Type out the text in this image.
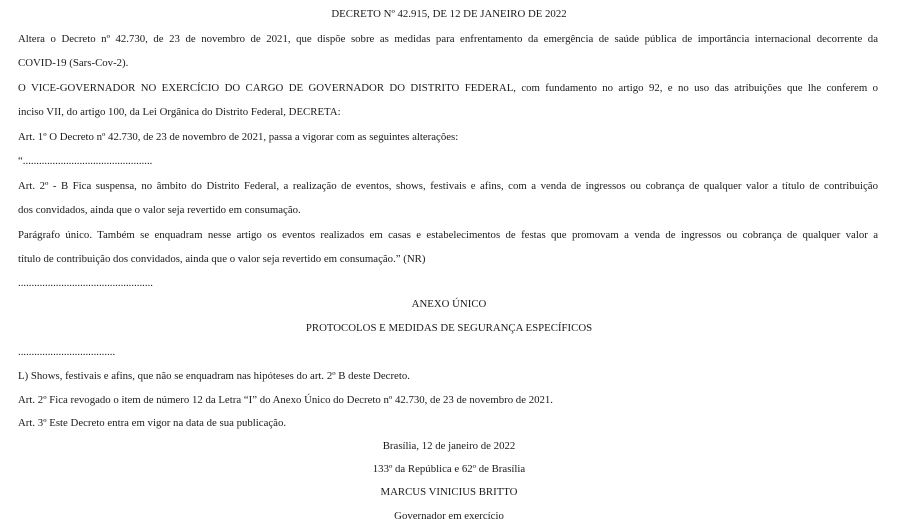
DECRETO Nº 42.915, DE 12 DE JANEIRO DE 2022
Altera o Decreto nº 42.730, de 23 de novembro de 2021, que dispõe sobre as medidas para enfrentamento da emergência de saúde pública de importância internacional decorrente da
COVID-19 (Sars-Cov-2).
O VICE-GOVERNADOR NO EXERCÍCIO DO CARGO DE GOVERNADOR DO DISTRITO FEDERAL, com fundamento no artigo 92, e no uso das atribuições que lhe conferem o
inciso VII, do artigo 100, da Lei Orgânica do Distrito Federal, DECRETA:
Art. 1º O Decreto nº 42.730, de 23 de novembro de 2021, passa a vigorar com as seguintes alterações:
“................................................
Art. 2º - B Fica suspensa, no âmbito do Distrito Federal, a realização de eventos, shows, festivais e afins, com a venda de ingressos ou cobrança de qualquer valor a título de contribuição
dos convidados, ainda que o valor seja revertido em consumação.
Parágrafo único. Também se enquadram nesse artigo os eventos realizados em casas e estabelecimentos de festas que promovam a venda de ingressos ou cobrança de qualquer valor a
título de contribuição dos convidados, ainda que o valor seja revertido em consumação.” (NR)
..................................................
ANEXO ÚNICO
PROTOCOLOS E MEDIDAS DE SEGURANÇA ESPECÍFICOS
....................................
L) Shows, festivais e afins, que não se enquadram nas hipóteses do art. 2º B deste Decreto.
Art. 2º Fica revogado o item de número 12 da Letra “I” do Anexo Único do Decreto nº 42.730, de 23 de novembro de 2021.
Art. 3º Este Decreto entra em vigor na data de sua publicação.
Brasília, 12 de janeiro de 2022
133º da República e 62º de Brasília
MARCUS VINICIUS BRITTO
Governador em exercício
